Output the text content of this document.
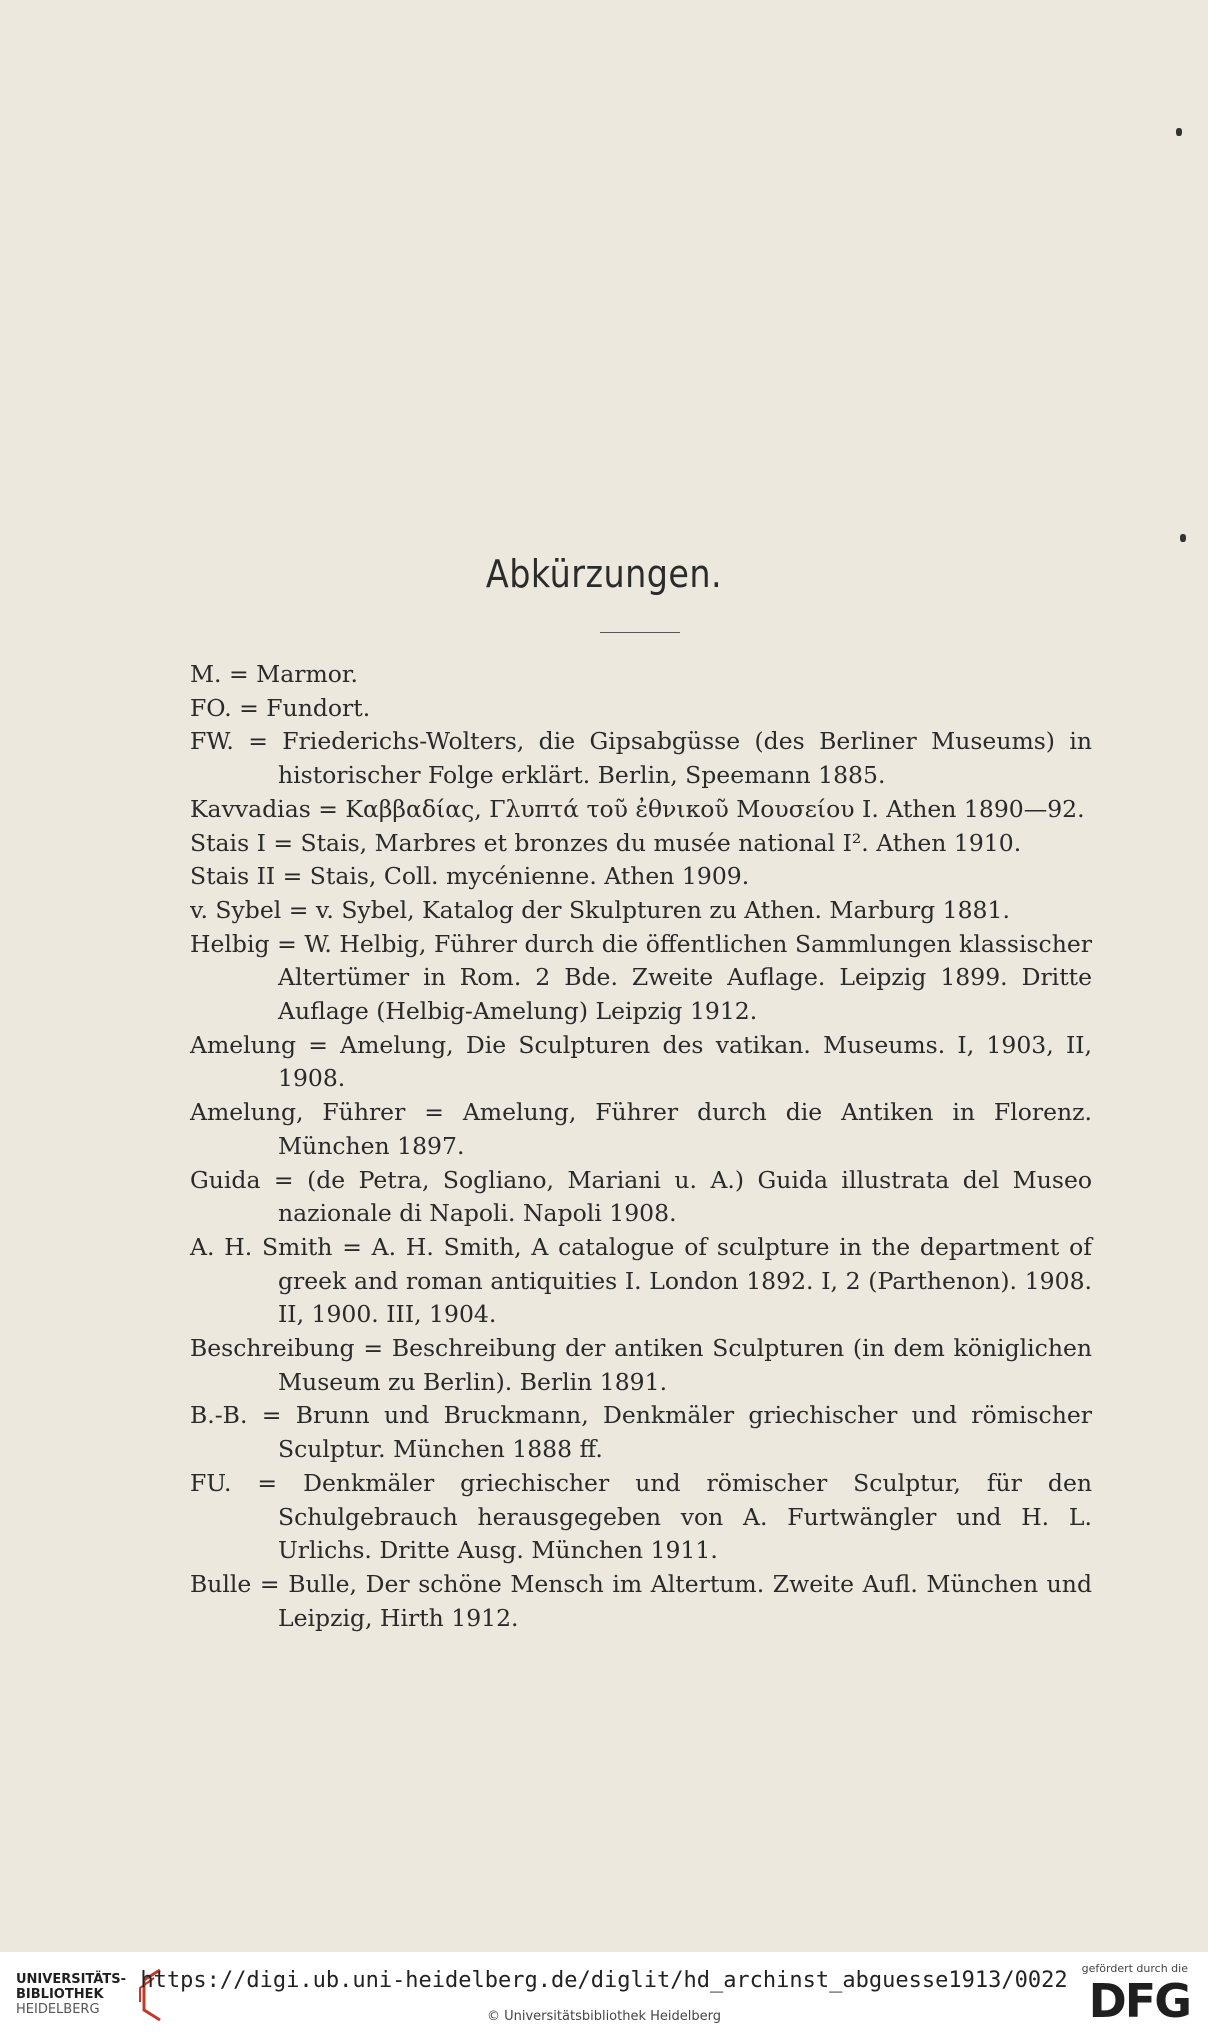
Abkürzungen.
M. = Marmor.
FO. = Fundort.
FW. = Friederichs-Wolters, die Gipsabgüsse (des Berliner Museums) in historischer Folge erklärt. Berlin, Speemann 1885.
Kavvadias = Καββαδίας, Γλυπτά τοῦ ἐθνικοῦ Μουσείου I. Athen 1890—92.
Stais I = Stais, Marbres et bronzes du musée national I². Athen 1910.
Stais II = Stais, Coll. mycénienne. Athen 1909.
v. Sybel = v. Sybel, Katalog der Skulpturen zu Athen. Marburg 1881.
Helbig = W. Helbig, Führer durch die öffentlichen Sammlungen klassischer Altertümer in Rom. 2 Bde. Zweite Auflage. Leipzig 1899. Dritte Auflage (Helbig-Amelung) Leipzig 1912.
Amelung = Amelung, Die Sculpturen des vatikan. Museums. I, 1903, II, 1908.
Amelung, Führer = Amelung, Führer durch die Antiken in Florenz. München 1897.
Guida = (de Petra, Sogliano, Mariani u. A.) Guida illustrata del Museo nazionale di Napoli. Napoli 1908.
A. H. Smith = A. H. Smith, A catalogue of sculpture in the department of greek and roman antiquities I. London 1892. I, 2 (Parthenon). 1908. II, 1900. III, 1904.
Beschreibung = Beschreibung der antiken Sculpturen (in dem königlichen Museum zu Berlin). Berlin 1891.
B.-B. = Brunn und Bruckmann, Denkmäler griechischer und römischer Sculptur. München 1888 ff.
FU. = Denkmäler griechischer und römischer Sculptur, für den Schulgebrauch herausgegeben von A. Furtwängler und H. L. Urlichs. Dritte Ausg. München 1911.
Bulle = Bulle, Der schöne Mensch im Altertum. Zweite Aufl. München und Leipzig, Hirth 1912.
UNIVERSITÄTS-
BIBLIOTHEK
HEIDELBERG
https://digi.ub.uni-heidelberg.de/diglit/hd_archinst_abguesse1913/0022
© Universitätsbibliothek Heidelberg
gefördert durch die
DFG
